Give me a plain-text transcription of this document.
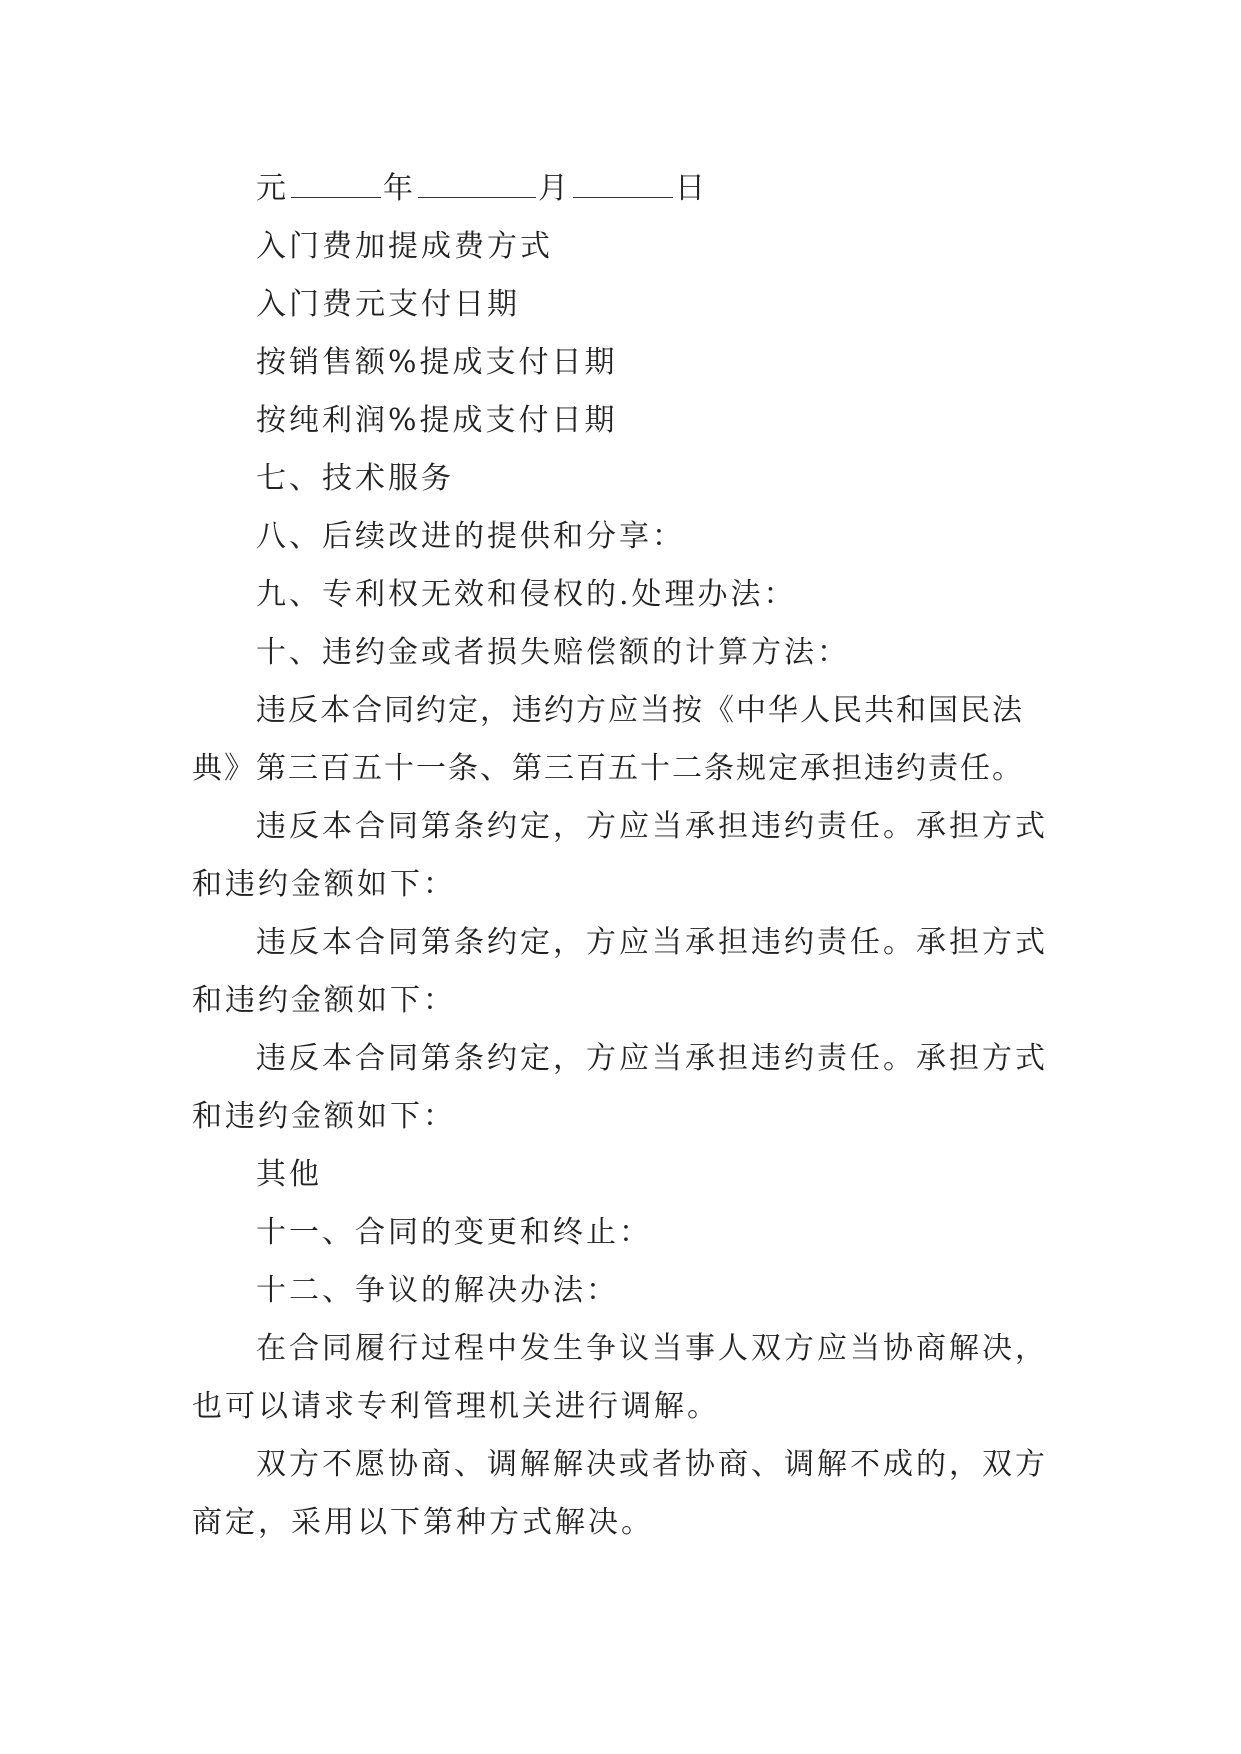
元	年	月	日

入门费加提成费方式

入门费元支付日期

按销售额%提成支付日期

按纯利润%提成支付日期

七、技术服务

八、后续改进的提供和分享：

九、专利权无效和侵权的.处理办法：

十、违约金或者损失赔偿额的计算方法：

违反本合同约定，违约方应当按《中华人民共和国民法典》第三百五十一条、第三百五十二条规定承担违约责任。

违反本合同第条约定，方应当承担违约责任。承担方式和违约金额如下：

违反本合同第条约定，方应当承担违约责任。承担方式和违约金额如下：

违反本合同第条约定，方应当承担违约责任。承担方式和违约金额如下：

其他

十一、合同的变更和终止：

十二、争议的解决办法：

在合同履行过程中发生争议当事人双方应当协商解决，也可以请求专利管理机关进行调解。

双方不愿协商、调解解决或者协商、调解不成的，双方商定，采用以下第种方式解决。
